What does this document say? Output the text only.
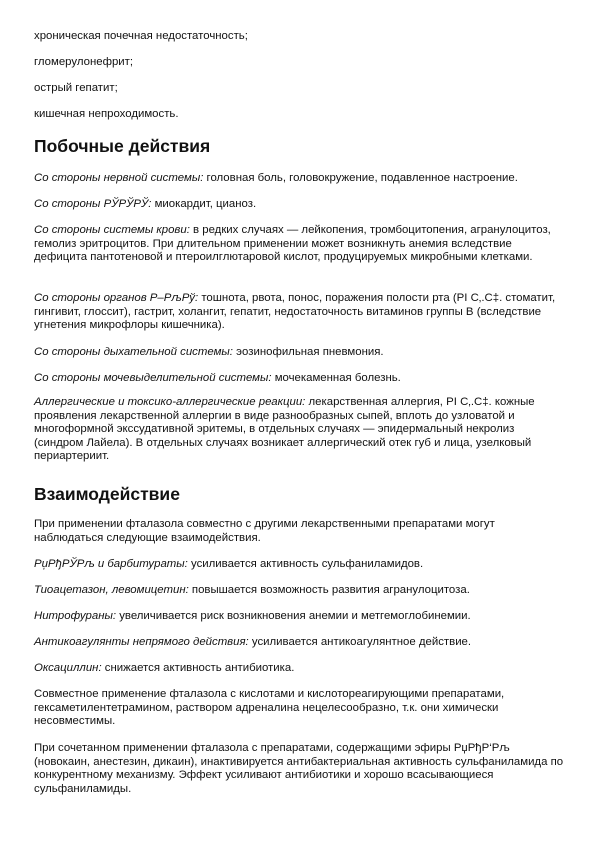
хроническая почечная недостаточность;

гломерулонефрит;

острый гепатит;

кишечная непроходимость.

Побочные действия

Со стороны нервной системы: головная боль, головокружение, подавленное настроение.

Со стороны РЎРЎРЎ: миокардит, цианоз.

Со стороны системы крови: в редких случаях — лейкопения, тромбоцитопения, агранулоцитоз, гемолиз эритроцитов. При длительном применении может возникнуть анемия вследствие дефицита пантотеновой и птероилглютаровой кислот, продуцируемых микробными клетками.

Со стороны органов Р–РљРў: тошнота, рвота, понос, поражения полости рта (РІ С‚.С‡. стоматит, гингивит, глоссит), гастрит, холангит, гепатит, недостаточность витаминов группы B (вследствие угнетения микрофлоры кишечника).

Со стороны дыхательной системы: эозинофильная пневмония.

Со стороны мочевыделительной системы: мочекаменная болезнь.

Аллергические и токсико-аллергические реакции: лекарственная аллергия, РІ С‚.С‡. кожные проявления лекарственной аллергии в виде разнообразных сыпей, вплоть до узловатой и многоформной экссудативной эритемы, в отдельных случаях — эпидермальный некролиз (синдром Лайела). В отдельных случаях возникает аллергический отек губ и лица, узелковый периартериит.

Взаимодействие

При применении фталазола совместно с другими лекарственными препаратами могут наблюдаться следующие взаимодействия.

РџРђРЎРљ и барбитураты: усиливается активность сульфаниламидов.

Тиоацетазон, левомицетин: повышается возможность развития агранулоцитоза.

Нитрофураны: увеличивается риск возникновения анемии и метгемоглобинемии.

Антикоагулянты непрямого действия: усиливается антикоагулянтное действие.

Оксациллин: снижается активность антибиотика.

Совместное применение фталазола с кислотами и кислотореагирующими препаратами, гексаметилентетрамином, раствором адреналина нецелесообразно, т.к. они химически несовместимы.

При сочетанном применении фталазола с препаратами, содержащими эфиры РџРђР‘Рљ (новокаин, анестезин, дикаин), инактивируется антибактериальная активность сульфаниламида по конкурентному механизму. Эффект усиливают антибиотики и хорошо всасывающиеся сульфаниламиды.
